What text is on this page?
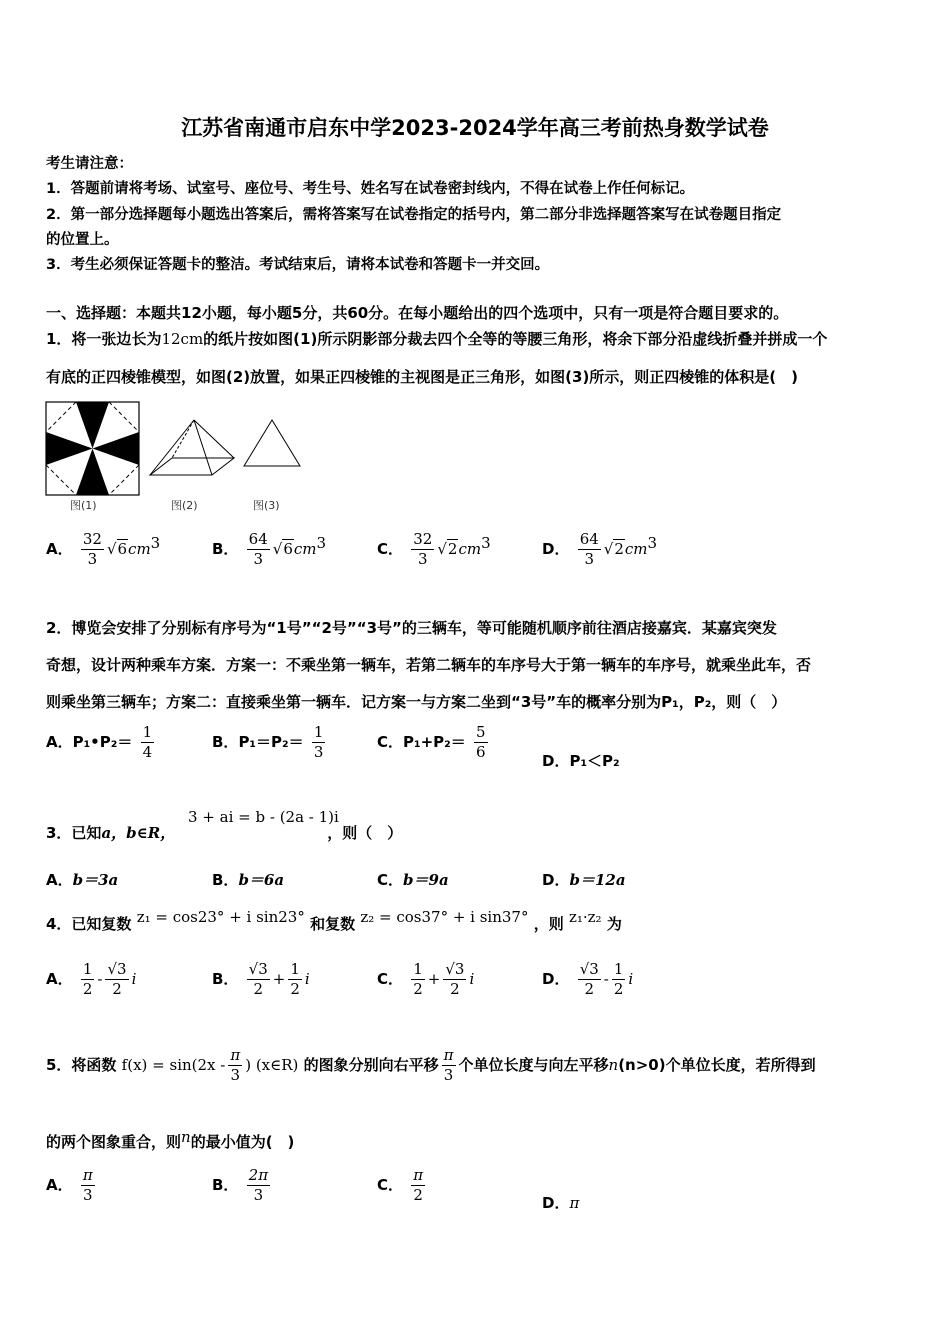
江苏省南通市启东中学2023-2024学年高三考前热身数学试卷
考生请注意：
1．答题前请将考场、试室号、座位号、考生号、姓名写在试卷密封线内，不得在试卷上作任何标记。
2．第一部分选择题每小题选出答案后，需将答案写在试卷指定的括号内，第二部分非选择题答案写在试卷题目指定
的位置上。
3．考生必须保证答题卡的整洁。考试结束后，请将本试卷和答题卡一并交回。
一、选择题：本题共12小题，每小题5分，共60分。在每小题给出的四个选项中，只有一项是符合题目要求的。
1．将一张边长为12cm的纸片按如图(1)所示阴影部分裁去四个全等的等腰三角形，将余下部分沿虚线折叠并拼成一个
有底的正四棱锥模型，如图(2)放置，如果正四棱锥的主视图是正三角形，如图(3)所示，则正四棱锥的体积是(　)
图(1)	图(2)	图(3)
A． $\frac{32}{3} √6cm^3$	B． $\frac{64}{3} √6cm^3$	C． $\frac{32}{3} √2cm^3$	D． $\frac{64}{3} √2cm^3$
2．博览会安排了分别标有序号为“1号”“2号”“3号”的三辆车，等可能随机顺序前往酒店接嘉宾．某嘉宾突发
奇想，设计两种乘车方案．方案一：不乘坐第一辆车，若第二辆车的车序号大于第一辆车的车序号，就乘坐此车，否
则乘坐第三辆车；方案二：直接乘坐第一辆车．记方案一与方案二坐到“3号”车的概率分别为P₁，P₂，则（　）
A．P₁•P₂＝ $\frac{1}{4}$	B．$P_1=P_2= \frac{1}{3}$	C．$P_1+P_2= \frac{5}{6}$
D．P₁＜P₂
3 + ai = b - (2a - 1)i
3．已知a，b∈R，	，则（　）
A．b＝3a	B．b＝6a	C．b＝9a	D．b＝12a
4．已知复数 z₁ = cos23° + i sin23° 和复数 z₂ = cos37° + i sin37° ，则 z₁·z₂ 为
A． $\frac{1}{2} - \frac{√3}{2}$ i	B． $\frac{√3}{2} + \frac{1}{2}$ i	C． $\frac{1}{2} + \frac{√3}{2}$ i	D． $\frac{√3}{2} - \frac{1}{2}$ i
5．将函数 $f(x) = \sin(2x - \frac{\pi}{3}$ ) (x∈R) 的图象分别向右平移 $\frac{\pi}{3}$ 个单位长度与向左平移n(n>0)个单位长度，若所得到
的两个图象重合，则n的最小值为(　)
A． $\frac{\pi}{3}$	B． $\frac{2\pi}{3}$	C． $\frac{\pi}{2}$	D．π
